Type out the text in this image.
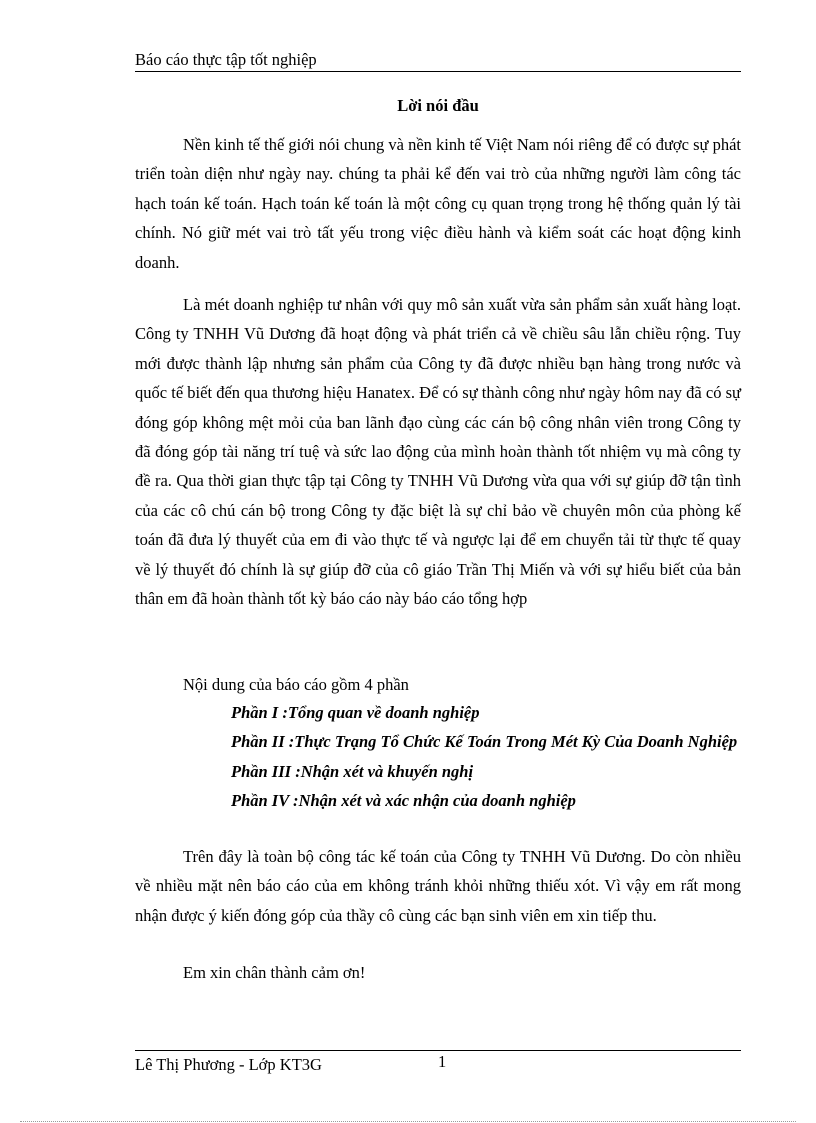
Báo cáo thực tập tốt nghiệp
Lời nói đầu

Nền kinh tế thế giới nói chung và nền kinh tế Việt Nam nói riêng để có được sự phát triển toàn diện như ngày nay. chúng ta phải kể đến vai trò của những người làm công tác hạch toán kế toán. Hạch toán kế toán là một công cụ quan trọng trong hệ thống quản lý tài chính. Nó giữ mét vai trò tất yếu trong việc điều hành và kiểm soát các hoạt động kinh doanh.

Là mét doanh nghiệp tư nhân với quy mô sản xuất vừa sản phẩm sản xuất hàng loạt. Công ty TNHH Vũ Dương đã hoạt động và phát triển cả về chiều sâu lẫn chiều rộng. Tuy mới được thành lập nhưng sản phẩm của Công ty đã được nhiều bạn hàng trong nước và quốc tế biết đến qua thương hiệu Hanatex. Để có sự thành công như ngày hôm nay đã có sự đóng góp không mệt mỏi của ban lãnh đạo cùng các cán bộ công nhân viên trong Công ty đã đóng góp tài năng trí tuệ và sức lao động của mình hoàn thành tốt nhiệm vụ mà công ty đề ra. Qua thời gian thực tập tại Công ty TNHH Vũ Dương vừa qua với sự giúp đỡ tận tình của các cô chú cán bộ trong Công ty đặc biệt là sự chỉ bảo về chuyên môn của phòng kế toán đã đưa lý thuyết của em đi vào thực tế và ngược lại để em chuyển tải từ thực tế quay về lý thuyết đó chính là sự giúp đỡ của cô giáo Trần Thị Miến và với sự hiểu biết của bản thân em đã hoàn thành tốt kỳ báo cáo này báo cáo tổng hợp

Nội dung của báo cáo gồm 4 phần

Phần I :Tổng quan về doanh nghiệp

Phần II :Thực Trạng Tổ Chức Kế Toán Trong Mét Kỳ Của Doanh Nghiệp

Phần III :Nhận xét và khuyến nghị

Phần IV :Nhận xét và xác nhận của doanh nghiệp

Trên đây là toàn bộ công tác kế toán của Công ty TNHH Vũ Dương. Do còn nhiều về nhiều mặt nên báo cáo của em không tránh khỏi những thiếu xót. Vì vậy em rất mong nhận được ý kiến đóng góp của thầy cô cùng các bạn sinh viên em xin tiếp thu.

Em xin chân thành cảm ơn!

Lê Thị Phương - Lớp KT3G	1
